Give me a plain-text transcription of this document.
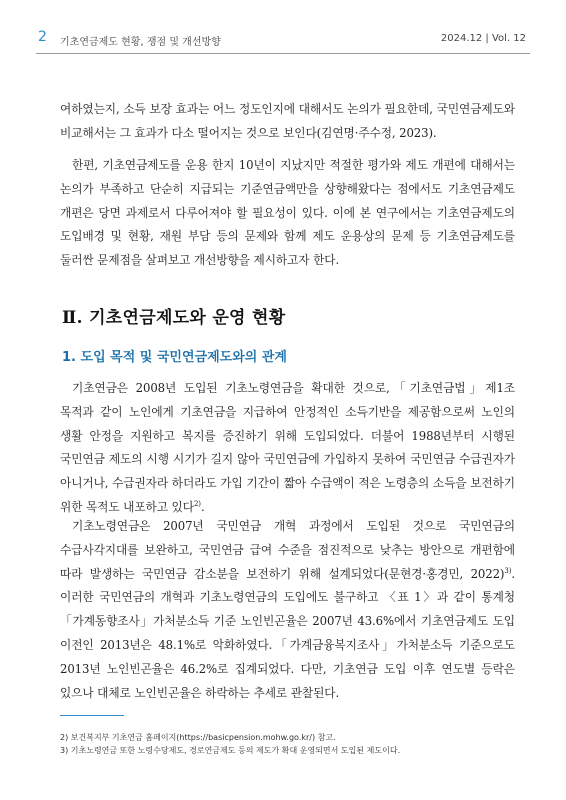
2 기초연금제도 현황, 쟁점 및 개선방향	2024.12 | Vol. 12
여하였는지, 소득 보장 효과는 어느 정도인지에 대해서도 논의가 필요한데, 국민연금제도와 비교해서는 그 효과가 다소 떨어지는 것으로 보인다(김연명·주수정, 2023).
한편, 기초연금제도를 운용 한지 10년이 지났지만 적절한 평가와 제도 개편에 대해서는 논의가 부족하고 단순히 지급되는 기준연금액만을 상향해왔다는 점에서도 기초연금제도 개편은 당면 과제로서 다루어져야 할 필요성이 있다. 이에 본 연구에서는 기초연금제도의 도입배경 및 현황, 재원 부담 등의 문제와 함께 제도 운용상의 문제 등 기초연금제도를 둘러싼 문제점을 살펴보고 개선방향을 제시하고자 한다.
Ⅱ. 기초연금제도와 운영 현황
1. 도입 목적 및 국민연금제도와의 관계
기초연금은 2008년 도입된 기초노령연금을 확대한 것으로,「기초연금법」제1조 목적과 같이 노인에게 기초연금을 지급하여 안정적인 소득기반을 제공함으로써 노인의 생활 안정을 지원하고 복지를 증진하기 위해 도입되었다. 더불어 1988년부터 시행된 국민연금 제도의 시행 시기가 길지 않아 국민연금에 가입하지 못하여 국민연금 수급권자가 아니거나, 수급권자라 하더라도 가입 기간이 짧아 수급액이 적은 노령층의 소득을 보전하기 위한 목적도 내포하고 있다$^{2)}$.
기초노령연금은 2007년 국민연금 개혁 과정에서 도입된 것으로 국민연금의 수급사각지대를 보완하고, 국민연금 급여 수준을 점진적으로 낮추는 방안으로 개편함에 따라 발생하는 국민연금 감소분을 보전하기 위해 설계되었다(문현경·홍경민, 2022)$^{3)}$. 이러한 국민연금의 개혁과 기초노령연금의 도입에도 불구하고 〈표 1〉과 같이 통계청「가계동향조사」가처분소득 기준 노인빈곤율은 2007년 43.6%에서 기초연금제도 도입 이전인 2013년은 48.1%로 악화하였다.「가계금융복지조사」가처분소득 기준으로도 2013년 노인빈곤율은 46.2%로 집계되었다. 다만, 기초연금 도입 이후 연도별 등락은 있으나 대체로 노인빈곤율은 하락하는 추세로 관찰된다.
2) 보건복지부 기초연금 홈페이지(https://basicpension.mohw.go.kr/) 참고.
3) 기초노령연금 또한 노령수당제도, 경로연금제도 등의 제도가 확대 운영되면서 도입된 제도이다.
